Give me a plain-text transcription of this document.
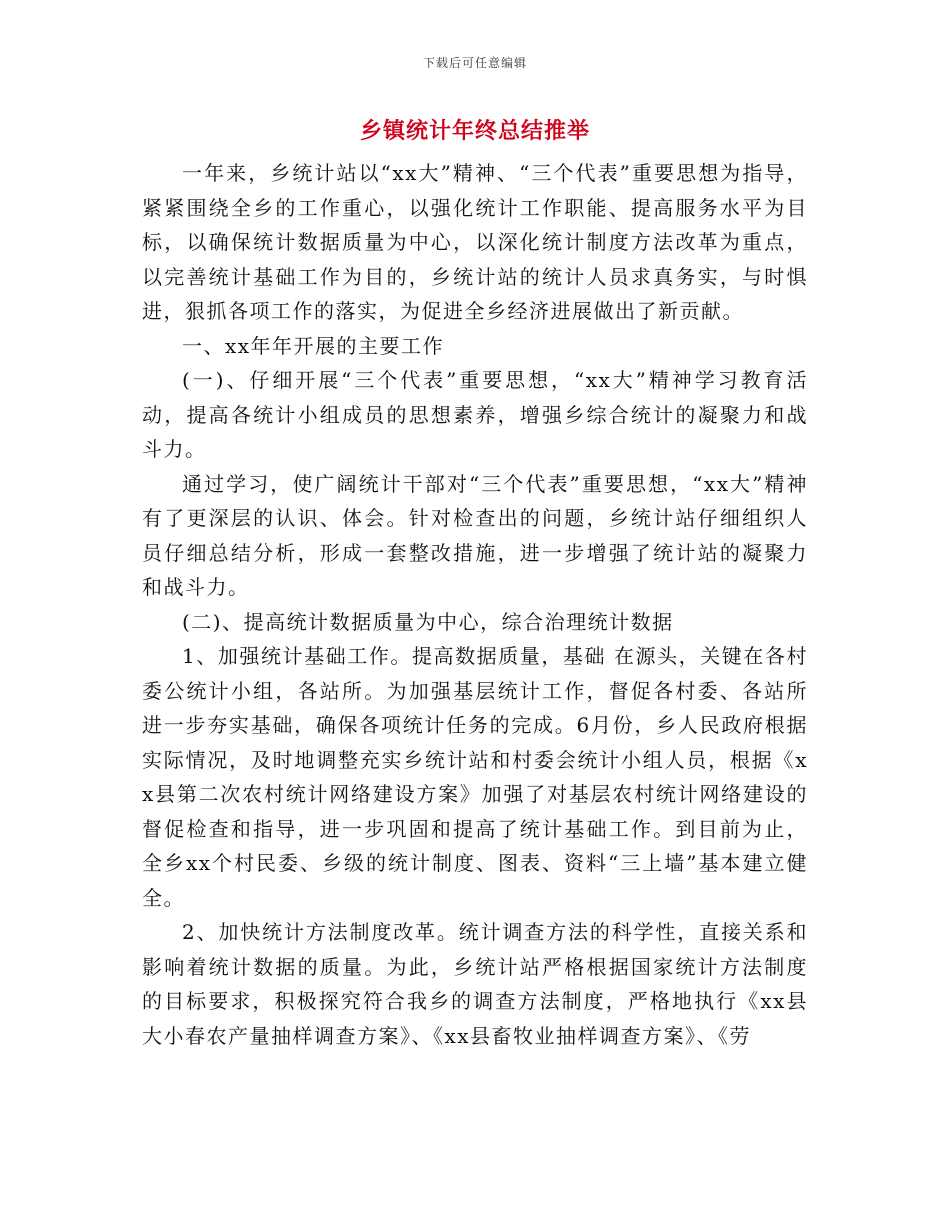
下载后可任意编辑
乡镇统计年终总结推举

一年来，乡统计站以“xx大”精神、“三个代表”重要思想为指导，紧紧围绕全乡的工作重心，以强化统计工作职能、提高服务水平为目标，以确保统计数据质量为中心，以深化统计制度方法改革为重点，以完善统计基础工作为目的，乡统计站的统计人员求真务实，与时惧进，狠抓各项工作的落实，为促进全乡经济进展做出了新贡献。

一、xx年年开展的主要工作

(一)、仔细开展“三个代表”重要思想，“xx大”精神学习教育活动，提高各统计小组成员的思想素养，增强乡综合统计的凝聚力和战斗力。

通过学习，使广阔统计干部对“三个代表”重要思想，“xx大”精神有了更深层的认识、体会。针对检查出的问题，乡统计站仔细组织人员仔细总结分析，形成一套整改措施，进一步增强了统计站的凝聚力和战斗力。

(二)、提高统计数据质量为中心，综合治理统计数据

1、加强统计基础工作。提高数据质量，基础 在源头，关键在各村委公统计小组，各站所。为加强基层统计工作，督促各村委、各站所进一步夯实基础，确保各项统计任务的完成。6月份，乡人民政府根据实际情况，及时地调整充实乡统计站和村委会统计小组人员，根据《xx县第二次农村统计网络建设方案》加强了对基层农村统计网络建设的督促检查和指导，进一步巩固和提高了统计基础工作。到目前为止，全乡xx个村民委、乡级的统计制度、图表、资料“三上墙”基本建立健全。

2、加快统计方法制度改革。统计调查方法的科学性，直接关系和影响着统计数据的质量。为此，乡统计站严格根据国家统计方法制度的目标要求，积极探究符合我乡的调查方法制度，严格地执行《xx县大小春农产量抽样调查方案》、《xx县畜牧业抽样调查方案》、《劳
